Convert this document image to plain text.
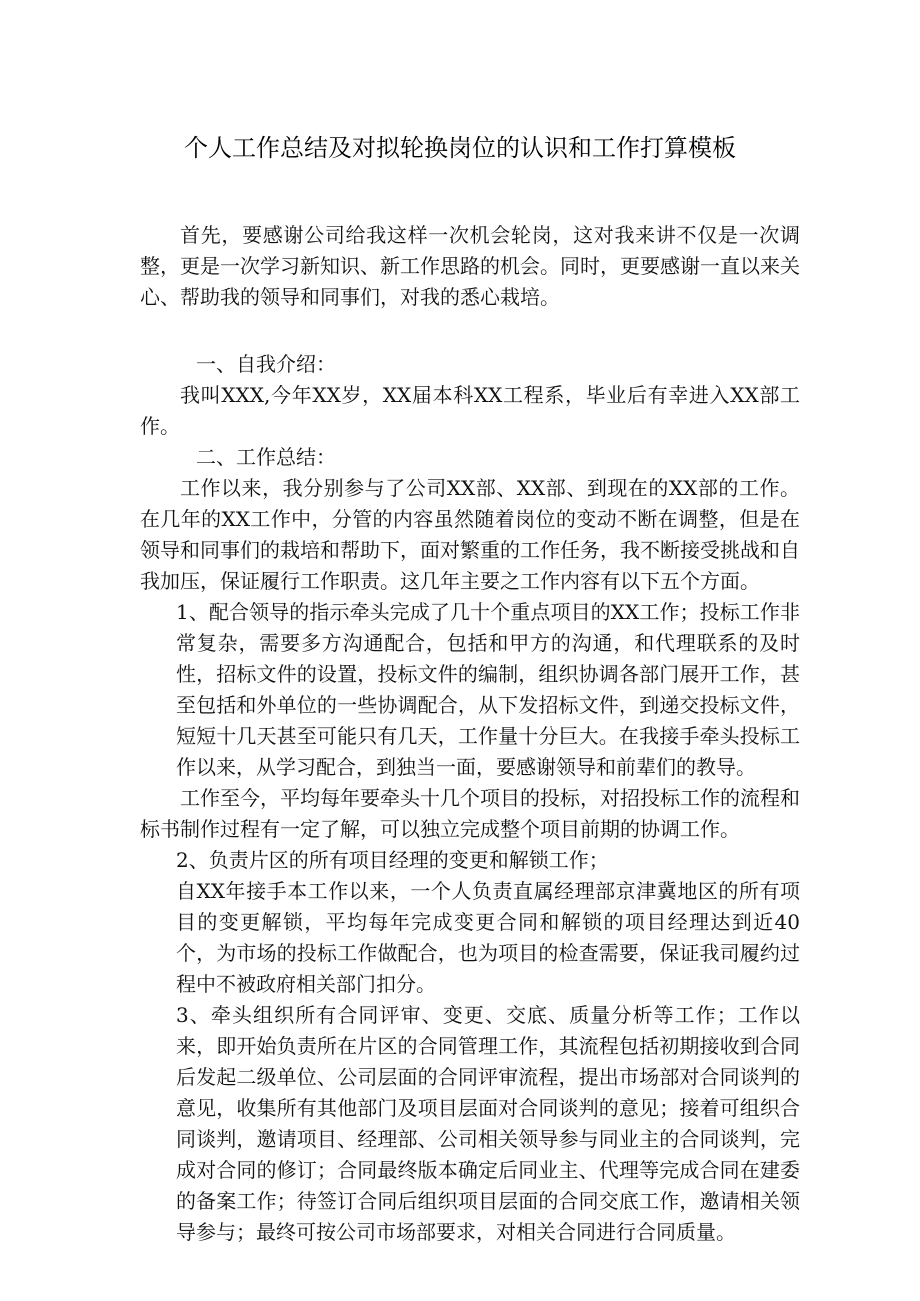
个人工作总结及对拟轮换岗位的认识和工作打算模板

首先，要感谢公司给我这样一次机会轮岗，这对我来讲不仅是一次调整，更是一次学习新知识、新工作思路的机会。同时，更要感谢一直以来关心、帮助我的领导和同事们，对我的悉心栽培。

一、自我介绍：

我叫XXX,今年XX岁，XX届本科XX工程系，毕业后有幸进入XX部工作。

二、工作总结：

工作以来，我分别参与了公司XX部、XX部、到现在的XX部的工作。在几年的XX工作中，分管的内容虽然随着岗位的变动不断在调整，但是在领导和同事们的栽培和帮助下，面对繁重的工作任务，我不断接受挑战和自我加压，保证履行工作职责。这几年主要之工作内容有以下五个方面。

1、配合领导的指示牵头完成了几十个重点项目的XX工作；投标工作非常复杂，需要多方沟通配合，包括和甲方的沟通，和代理联系的及时性，招标文件的设置，投标文件的编制，组织协调各部门展开工作，甚至包括和外单位的一些协调配合，从下发招标文件，到递交投标文件，短短十几天甚至可能只有几天，工作量十分巨大。在我接手牵头投标工作以来，从学习配合，到独当一面，要感谢领导和前辈们的教导。

工作至今，平均每年要牵头十几个项目的投标，对招投标工作的流程和标书制作过程有一定了解，可以独立完成整个项目前期的协调工作。

2、负责片区的所有项目经理的变更和解锁工作；

自XX年接手本工作以来，一个人负责直属经理部京津冀地区的所有项目的变更解锁，平均每年完成变更合同和解锁的项目经理达到近40个，为市场的投标工作做配合，也为项目的检查需要，保证我司履约过程中不被政府相关部门扣分。

3、牵头组织所有合同评审、变更、交底、质量分析等工作；工作以来，即开始负责所在片区的合同管理工作，其流程包括初期接收到合同后发起二级单位、公司层面的合同评审流程，提出市场部对合同谈判的意见，收集所有其他部门及项目层面对合同谈判的意见；接着可组织合同谈判，邀请项目、经理部、公司相关领导参与同业主的合同谈判，完成对合同的修订；合同最终版本确定后同业主、代理等完成合同在建委的备案工作；待签订合同后组织项目层面的合同交底工作，邀请相关领导参与；最终可按公司市场部要求，对相关合同进行合同质量。
